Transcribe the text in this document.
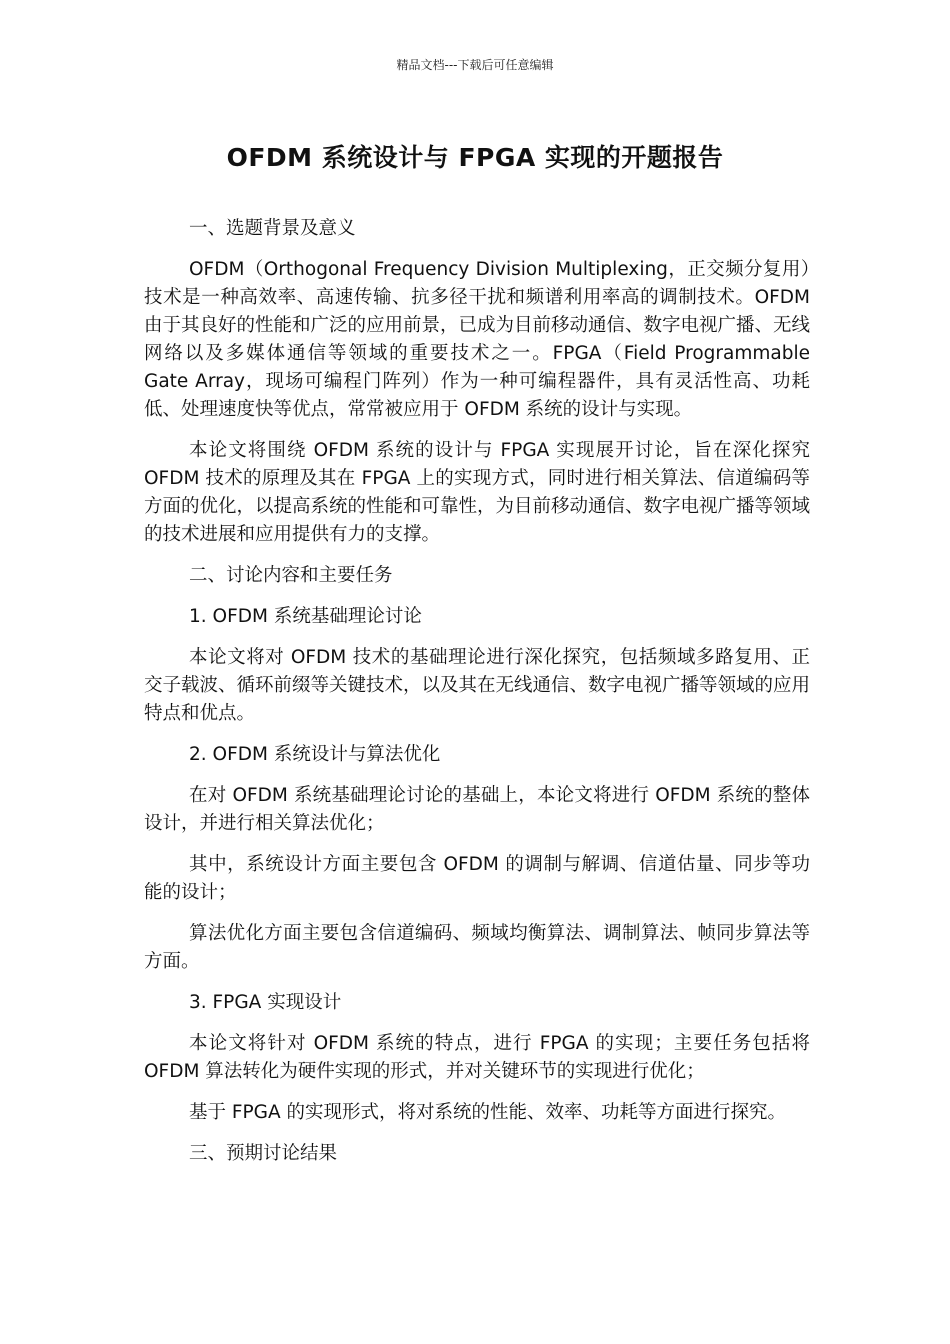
精品文档---下载后可任意编辑
OFDM 系统设计与 FPGA 实现的开题报告

一、选题背景及意义

OFDM（Orthogonal Frequency Division Multiplexing，正交频分复用）技术是一种高效率、高速传输、抗多径干扰和频谱利用率高的调制技术。OFDM 由于其良好的性能和广泛的应用前景，已成为目前移动通信、数字电视广播、无线网络以及多媒体通信等领域的重要技术之一。FPGA（Field Programmable Gate Array，现场可编程门阵列）作为一种可编程器件，具有灵活性高、功耗低、处理速度快等优点，常常被应用于 OFDM 系统的设计与实现。

本论文将围绕 OFDM 系统的设计与 FPGA 实现展开讨论，旨在深化探究 OFDM 技术的原理及其在 FPGA 上的实现方式，同时进行相关算法、信道编码等方面的优化，以提高系统的性能和可靠性，为目前移动通信、数字电视广播等领域的技术进展和应用提供有力的支撑。

二、讨论内容和主要任务

1. OFDM 系统基础理论讨论

本论文将对 OFDM 技术的基础理论进行深化探究，包括频域多路复用、正交子载波、循环前缀等关键技术，以及其在无线通信、数字电视广播等领域的应用特点和优点。

2. OFDM 系统设计与算法优化

在对 OFDM 系统基础理论讨论的基础上，本论文将进行 OFDM 系统的整体设计，并进行相关算法优化；

其中，系统设计方面主要包含 OFDM 的调制与解调、信道估量、同步等功能的设计；

算法优化方面主要包含信道编码、频域均衡算法、调制算法、帧同步算法等方面。

3. FPGA 实现设计

本论文将针对 OFDM 系统的特点，进行 FPGA 的实现；主要任务包括将 OFDM 算法转化为硬件实现的形式，并对关键环节的实现进行优化；

基于 FPGA 的实现形式，将对系统的性能、效率、功耗等方面进行探究。

三、预期讨论结果
